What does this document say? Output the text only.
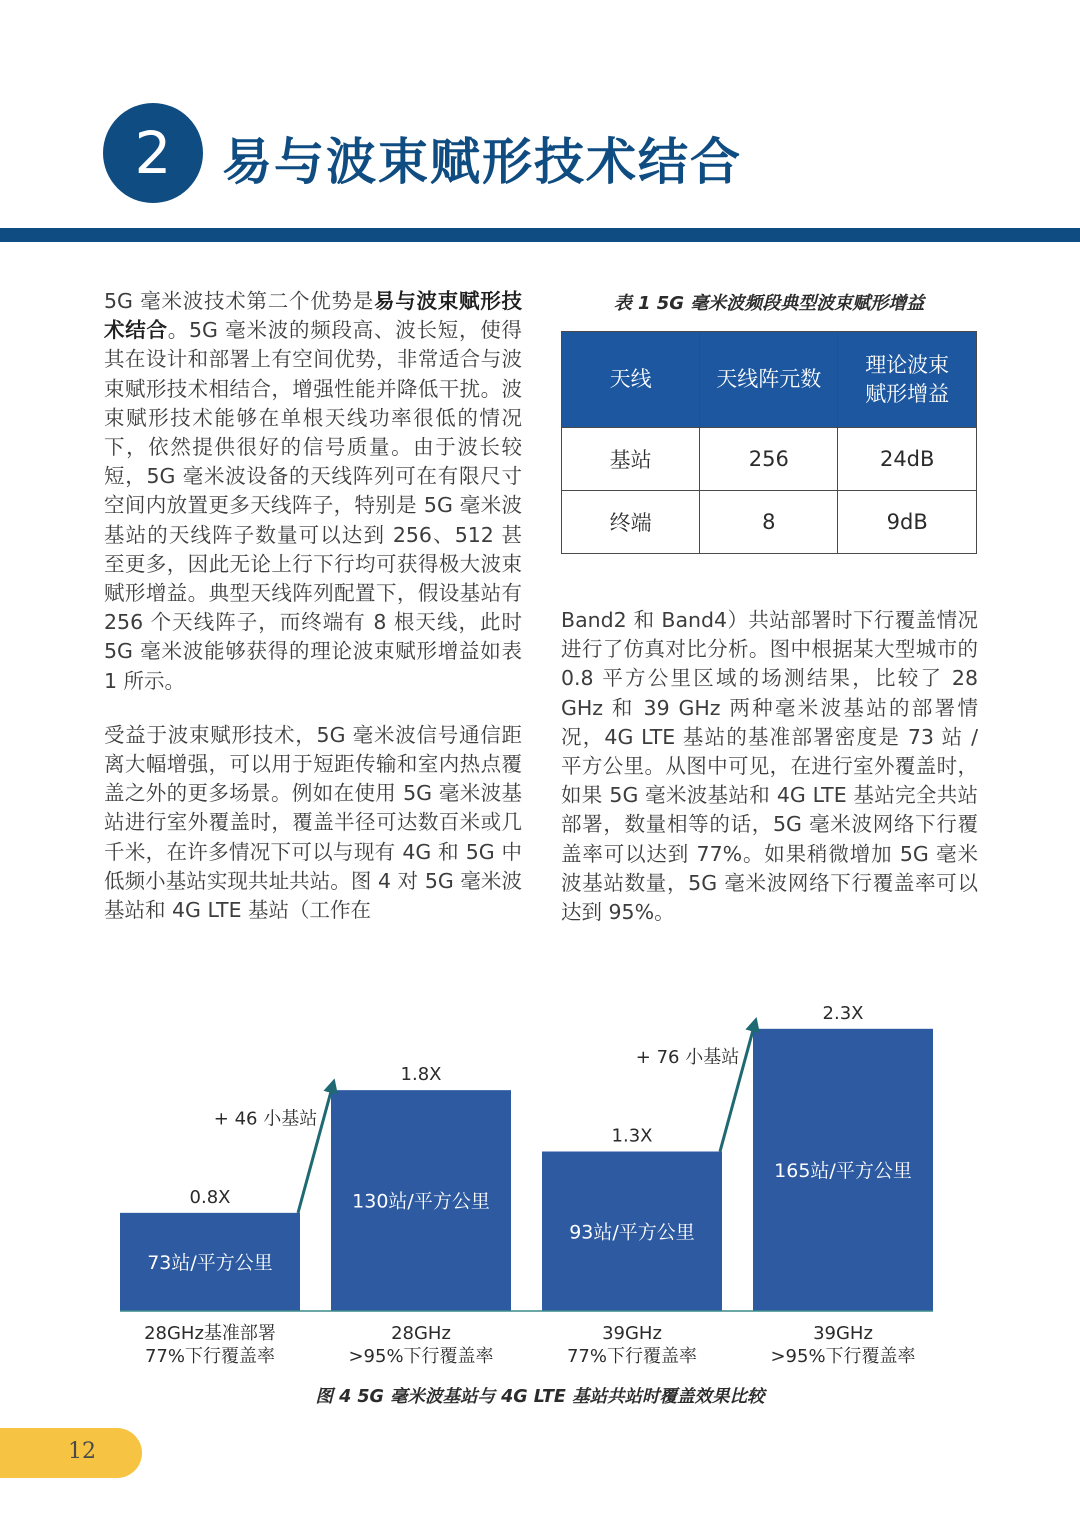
2 易与波束赋形技术结合

5G 毫米波技术第二个优势是易与波束赋形技术结合。5G 毫米波的频段高、波长短，使得其在设计和部署上有空间优势，非常适合与波束赋形技术相结合，增强性能并降低干扰。波束赋形技术能够在单根天线功率很低的情况下，依然提供很好的信号质量。由于波长较短，5G 毫米波设备的天线阵列可在有限尺寸空间内放置更多天线阵子，特别是 5G 毫米波基站的天线阵子数量可以达到 256、512 甚至更多，因此无论上行下行均可获得极大波束赋形增益。典型天线阵列配置下，假设基站有 256 个天线阵子，而终端有 8 根天线，此时 5G 毫米波能够获得的理论波束赋形增益如表 1 所示。

受益于波束赋形技术，5G 毫米波信号通信距离大幅增强，可以用于短距传输和室内热点覆盖之外的更多场景。例如在使用 5G 毫米波基站进行室外覆盖时，覆盖半径可达数百米或几千米，在许多情况下可以与现有 4G 和 5G 中低频小基站实现共址共站。图 4 对 5G 毫米波基站和 4G LTE 基站（工作在

表 1 5G 毫米波频段典型波束赋形增益
天线	天线阵元数	理论波束赋形增益
基站	256	24dB
终端	8	9dB

Band2 和 Band4）共站部署时下行覆盖情况进行了仿真对比分析。图中根据某大型城市的 0.8 平方公里区域的场测结果，比较了 28 GHz 和 39 GHz 两种毫米波基站的部署情况，4G LTE 基站的基准部署密度是 73 站 / 平方公里。从图中可见，在进行室外覆盖时，如果 5G 毫米波基站和 4G LTE 基站完全共站部署，数量相等的话，5G 毫米波网络下行覆盖率可以达到 77%。如果稍微增加 5G 毫米波基站数量，5G 毫米波网络下行覆盖率可以达到 95%。

73站/平方公里
0.8X
28GHz基准部署
77%下行覆盖率
130站/平方公里
1.8X
28GHz
>95%下行覆盖率
93站/平方公里
1.3X
39GHz
77%下行覆盖率
165站/平方公里
2.3X
39GHz
>95%下行覆盖率
+ 46 小基站
+ 76 小基站
图 4 5G 毫米波基站与 4G LTE 基站共站时覆盖效果比较
12
